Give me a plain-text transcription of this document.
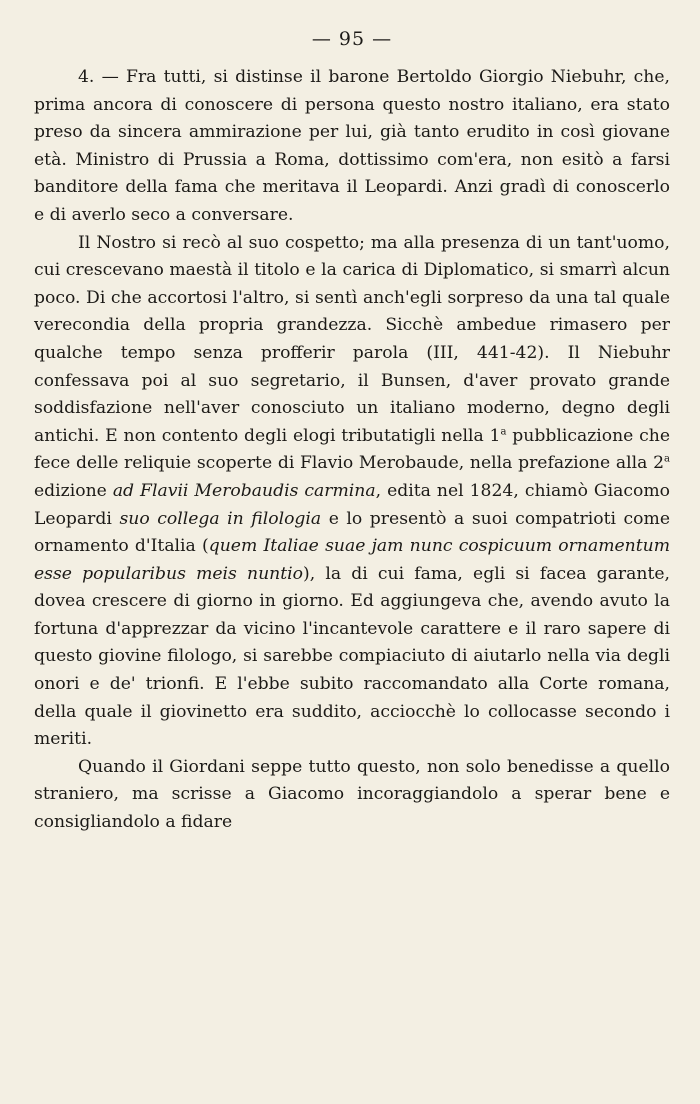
— 95 —

4. — Fra tutti, si distinse il barone Bertoldo Giorgio Niebuhr, che, prima ancora di conoscere di persona questo nostro italiano, era stato preso da sincera ammirazione per lui, già tanto erudito in così giovane età. Ministro di Prussia a Roma, dottissimo com'era, non esitò a farsi banditore della fama che meritava il Leopardi. Anzi gradì di conoscerlo e di averlo seco a conversare.

Il Nostro si recò al suo cospetto; ma alla presenza di un tant'uomo, cui crescevano maestà il titolo e la carica di Diplomatico, si smarrì alcun poco. Di che accortosi l'altro, si sentì anch'egli sorpreso da una tal quale verecondia della propria grandezza. Sicchè ambedue rimasero per qualche tempo senza profferir parola (III, 441-42). Il Niebuhr confessava poi al suo segretario, il Bunsen, d'aver provato grande soddisfazione nell'aver conosciuto un italiano moderno, degno degli antichi. E non contento degli elogi tributatigli nella 1$^a$ pubblicazione che fece delle reliquie scoperte di Flavio Merobaude, nella prefazione alla 2$^a$ edizione ad Flavii Merobaudis carmina, edita nel 1824, chiamò Giacomo Leopardi suo collega in filologia e lo presentò a suoi compatrioti come ornamento d'Italia (quem Italiae suae jam nunc cospicuum ornamentum esse popularibus meis nuntio), la di cui fama, egli si facea garante, dovea crescere di giorno in giorno. Ed aggiungeva che, avendo avuto la fortuna d'apprezzar da vicino l'incantevole carattere e il raro sapere di questo giovine filologo, si sarebbe compiaciuto di aiutarlo nella via degli onori e de' trionfi. E l'ebbe subito raccomandato alla Corte romana, della quale il giovinetto era suddito, acciocchè lo collocasse secondo i meriti.

Quando il Giordani seppe tutto questo, non solo benedisse a quello straniero, ma scrisse a Giacomo incoraggiandolo a sperar bene e consigliandolo a fidare
